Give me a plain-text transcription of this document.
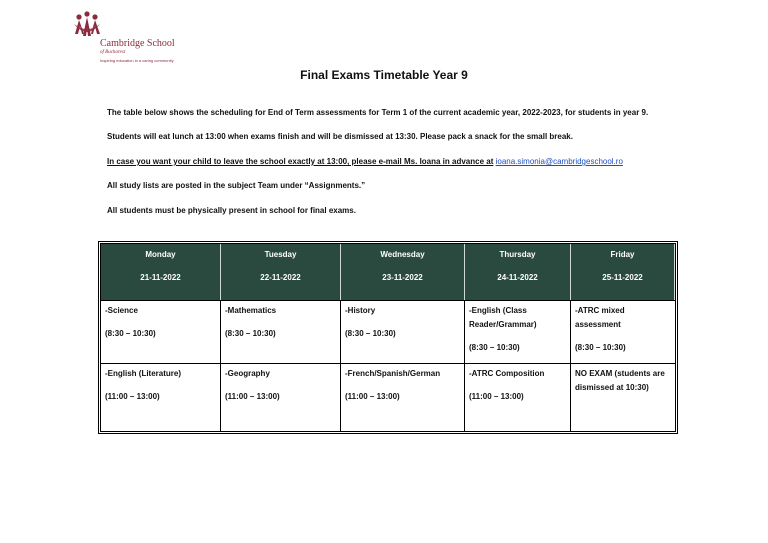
Cambridge School
of Bucharest
Inspiring education in a caring community
Final Exams Timetable Year 9

The table below shows the scheduling for End of Term assessments for Term 1 of the current academic year, 2022-2023, for students in year 9.

Students will eat lunch at 13:00 when exams finish and will be dismissed at 13:30. Please pack a snack for the small break.

In case you want your child to leave the school exactly at 13:00, please e-mail Ms. Ioana in advance at ioana.simonia@cambridgeschool.ro

All study lists are posted in the subject Team under “Assignments.”

All students must be physically present in school for final exams.

Monday
21-11-2022
Tuesday
22-11-2022
Wednesday
23-11-2022
Thursday
24-11-2022
Friday
25-11-2022
-Science
(8:30 – 10:30)
-Mathematics
(8:30 – 10:30)
-History
(8:30 – 10:30)
-English (Class Reader/Grammar)
(8:30 – 10:30)
-ATRC mixed assessment
(8:30 – 10:30)
-English (Literature)
(11:00 – 13:00)
-Geography
(11:00 – 13:00)
-French/Spanish/German
(11:00 – 13:00)
-ATRC Composition
(11:00 – 13:00)
NO EXAM (students are dismissed at 10:30)
